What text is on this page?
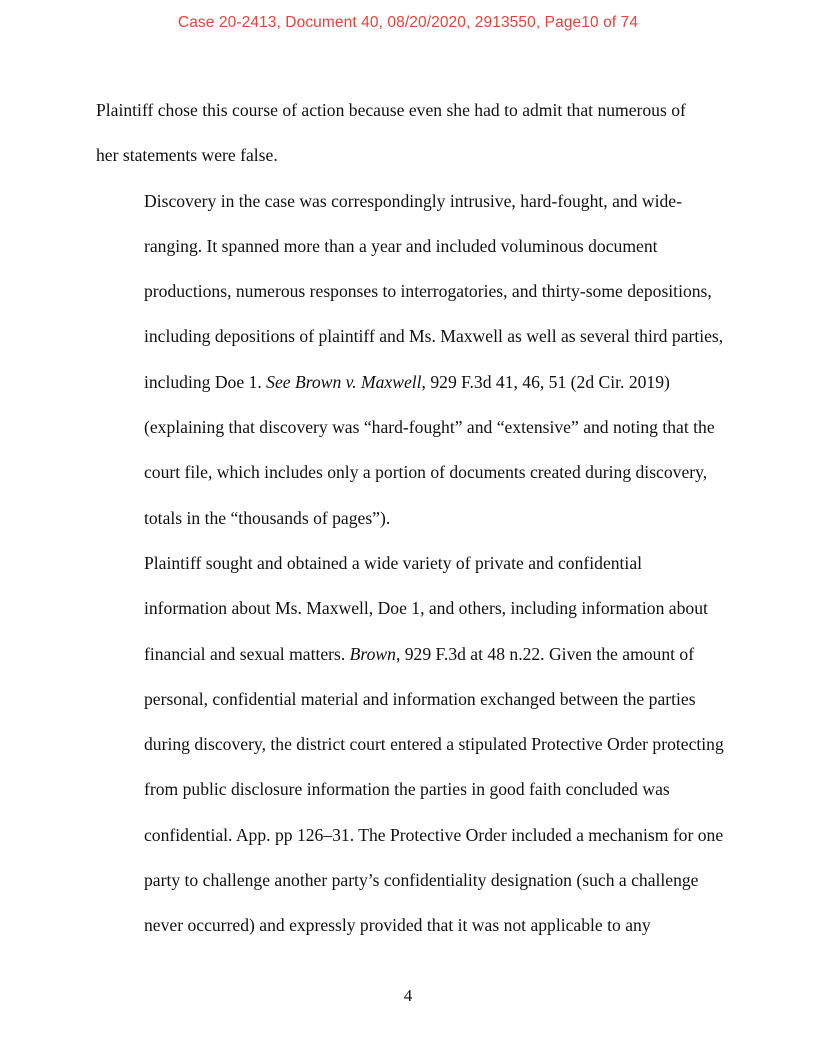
Case 20-2413, Document 40, 08/20/2020, 2913550, Page10 of 74

Plaintiff chose this course of action because even she had to admit that numerous of
her statements were false.

Discovery in the case was correspondingly intrusive, hard-fought, and wide-
ranging. It spanned more than a year and included voluminous document
productions, numerous responses to interrogatories, and thirty-some depositions,
including depositions of plaintiff and Ms. Maxwell as well as several third parties,
including Doe 1. See Brown v. Maxwell, 929 F.3d 41, 46, 51 (2d Cir. 2019)
(explaining that discovery was “hard-fought” and “extensive” and noting that the
court file, which includes only a portion of documents created during discovery,
totals in the “thousands of pages”).

Plaintiff sought and obtained a wide variety of private and confidential
information about Ms. Maxwell, Doe 1, and others, including information about
financial and sexual matters. Brown, 929 F.3d at 48 n.22. Given the amount of
personal, confidential material and information exchanged between the parties
during discovery, the district court entered a stipulated Protective Order protecting
from public disclosure information the parties in good faith concluded was
confidential. App. pp 126–31. The Protective Order included a mechanism for one
party to challenge another party’s confidentiality designation (such a challenge
never occurred) and expressly provided that it was not applicable to any

4
